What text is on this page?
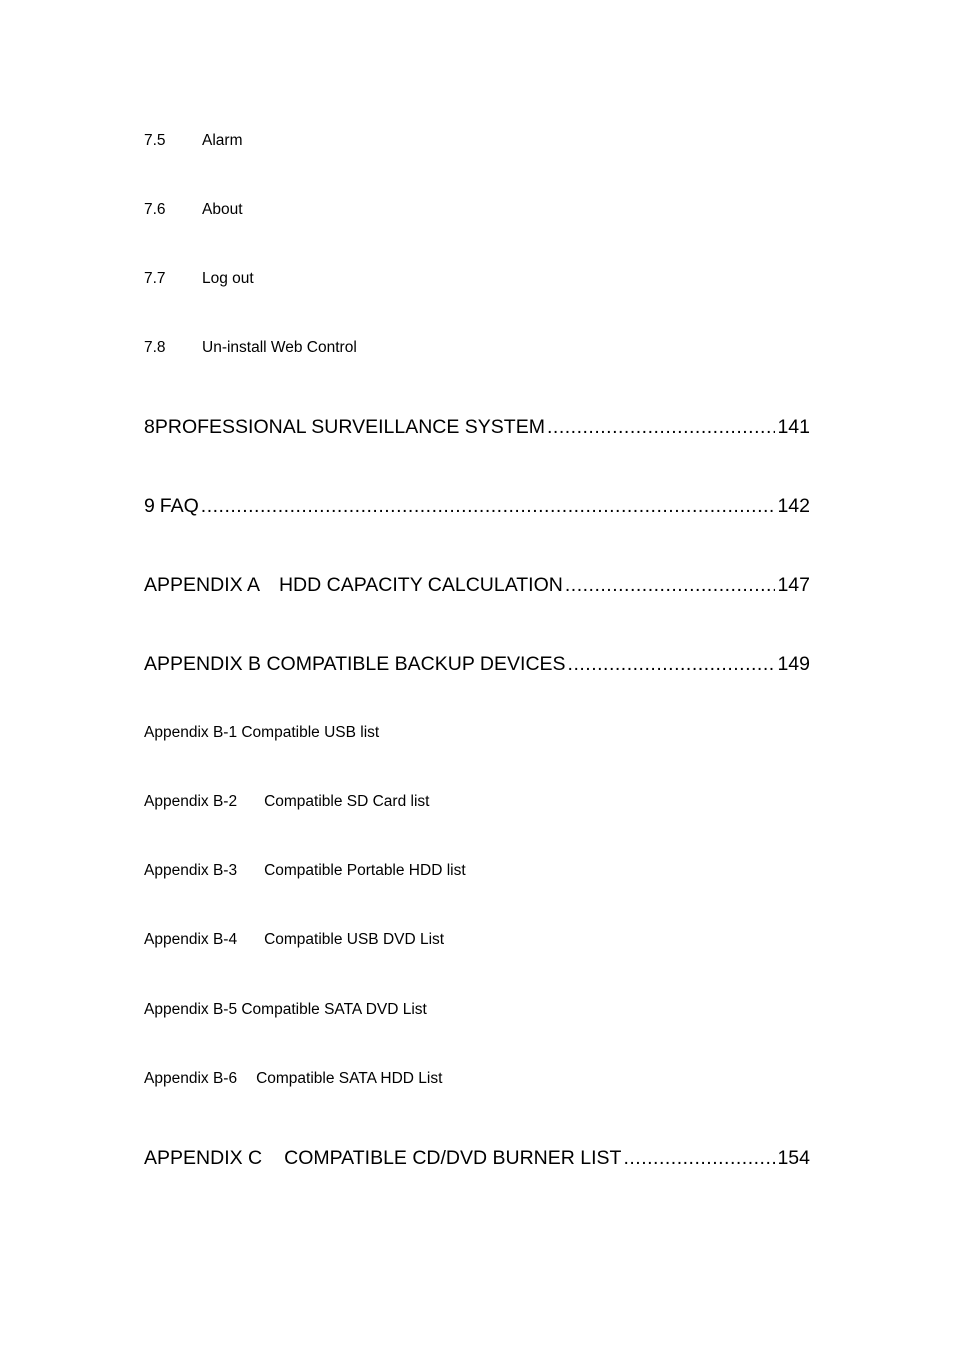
7.5	Alarm
7.6	About
7.7	Log out
7.8	Un-install Web Control
8 PROFESSIONAL SURVEILLANCE SYSTEM .....	141
9 FAQ .....	142
APPENDIX A HDD CAPACITY CALCULATION .....	147
APPENDIX B COMPATIBLE BACKUP DEVICES .....	149
Appendix B-1 Compatible USB list
Appendix B-2 Compatible SD Card list
Appendix B-3 Compatible Portable HDD list
Appendix B-4 Compatible USB DVD List
Appendix B-5 Compatible SATA DVD List
Appendix B-6 Compatible SATA HDD List
APPENDIX C COMPATIBLE CD/DVD BURNER LIST .....	154
